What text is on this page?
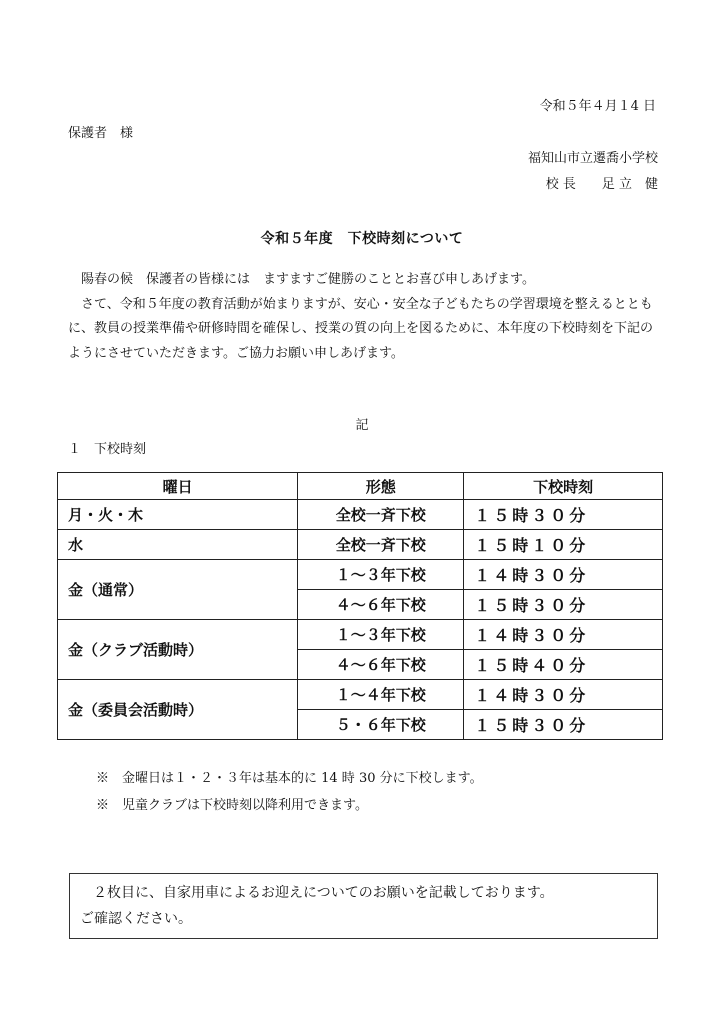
令和５年４月１4 日
保護者　様
福知山市立遷喬小学校
校 長　　足 立　健
令和５年度　下校時刻について

陽春の候　保護者の皆様には　ますますご健勝のこととお喜び申しあげます。

さて、令和５年度の教育活動が始まりますが、安心・安全な子どもたちの学習環境を整えるとともに、教員の授業準備や研修時間を確保し、授業の質の向上を図るために、本年度の下校時刻を下記のようにさせていただきます。ご協力お願い申しあげます。

記
１　下校時刻
曜日	形態	下校時刻
月・火・木	全校一斉下校	１５時３０分
水	全校一斉下校	１５時１０分
金（通常）	１～３年下校	１４時３０分
	４～６年下校	１５時３０分
金（クラブ活動時）	１～３年下校	１４時３０分
	４～６年下校	１５時４０分
金（委員会活動時）	１～４年下校	１４時３０分
	５・６年下校	１５時３０分
※　金曜日は１・２・３年は基本的に 14 時 30 分に下校します。
※　児童クラブは下校時刻以降利用できます。

２枚目に、自家用車によるお迎えについてのお願いを記載しております。

ご確認ください。
